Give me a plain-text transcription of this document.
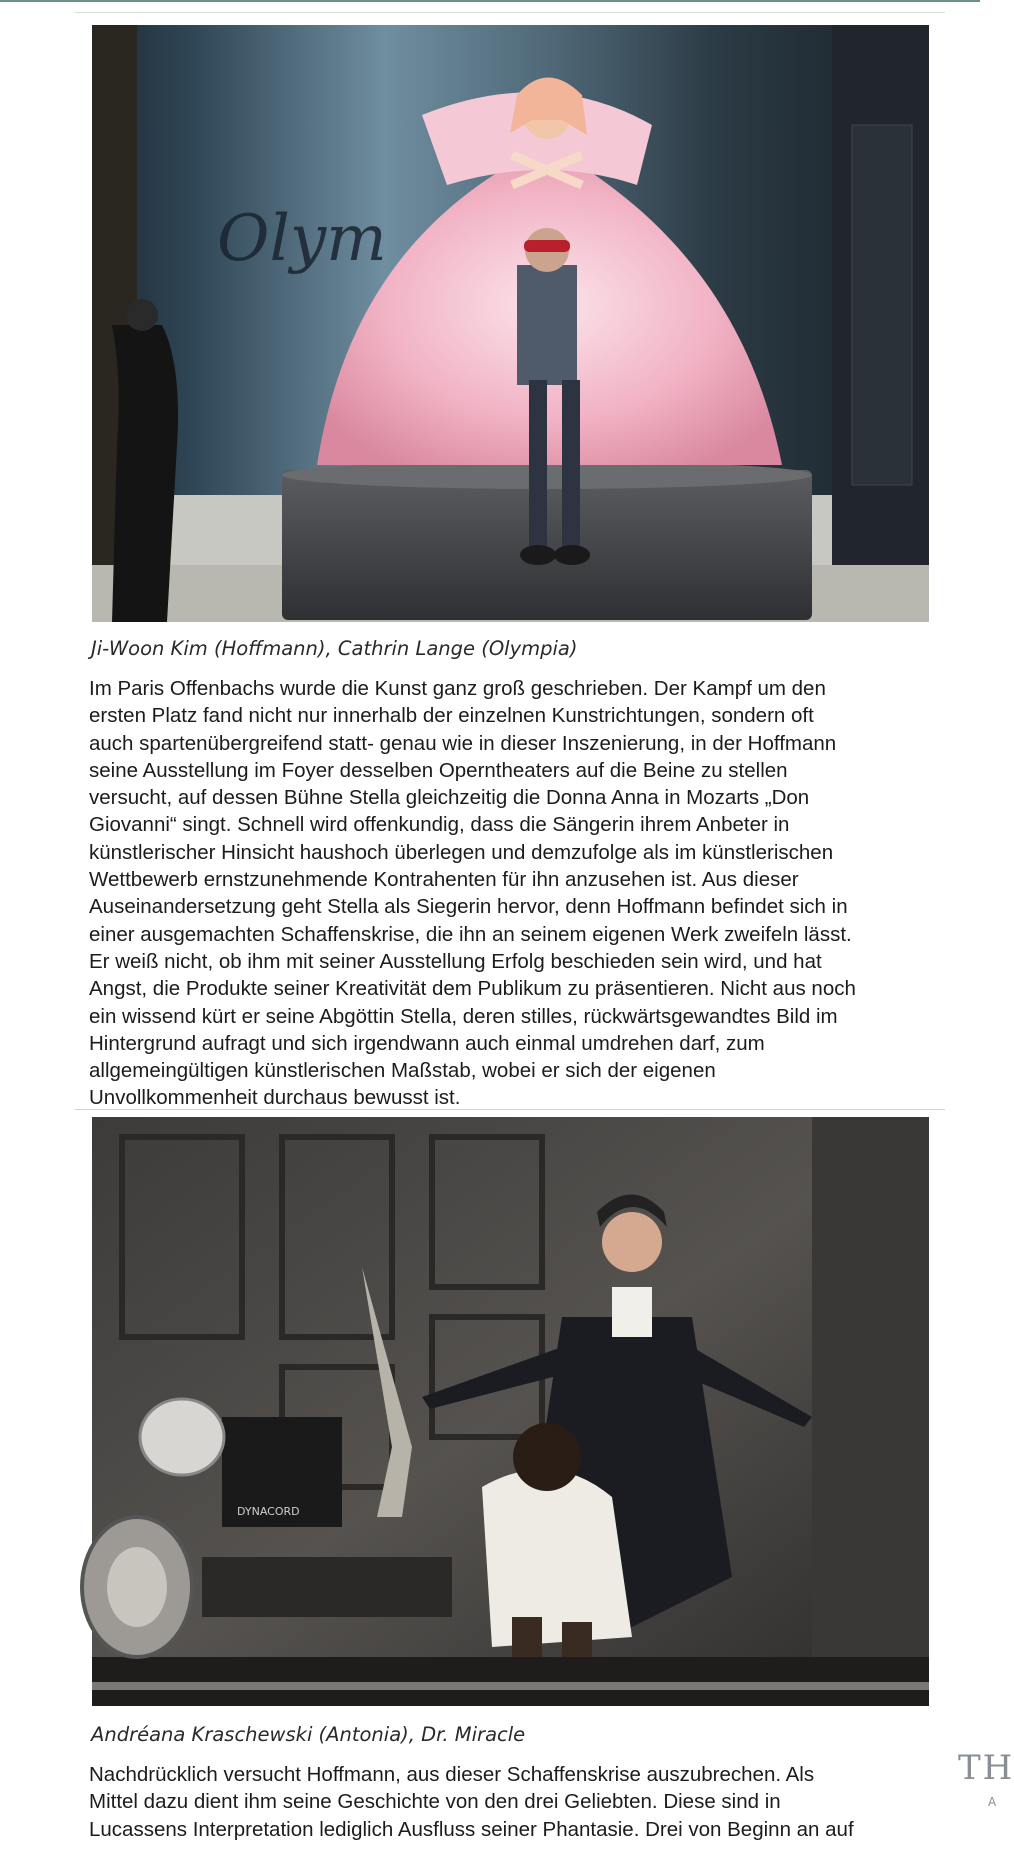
Olym
Ji-Woon Kim (Hoffmann), Cathrin Lange (Olympia)
Im Paris Offenbachs wurde die Kunst ganz groß geschrieben. Der Kampf um den
ersten Platz fand nicht nur innerhalb der einzelnen Kunstrichtungen, sondern oft
auch spartenübergreifend statt- genau wie in dieser Inszenierung, in der Hoffmann
seine Ausstellung im Foyer desselben Operntheaters auf die Beine zu stellen
versucht, auf dessen Bühne Stella gleichzeitig die Donna Anna in Mozarts „Don
Giovanni“ singt. Schnell wird offenkundig, dass die Sängerin ihrem Anbeter in
künstlerischer Hinsicht haushoch überlegen und demzufolge als im künstlerischen
Wettbewerb ernstzunehmende Kontrahenten für ihn anzusehen ist. Aus dieser
Auseinandersetzung geht Stella als Siegerin hervor, denn Hoffmann befindet sich in
einer ausgemachten Schaffenskrise, die ihn an seinem eigenen Werk zweifeln lässt.
Er weiß nicht, ob ihm mit seiner Ausstellung Erfolg beschieden sein wird, und hat
Angst, die Produkte seiner Kreativität dem Publikum zu präsentieren. Nicht aus noch
ein wissend kürt er seine Abgöttin Stella, deren stilles, rückwärtsgewandtes Bild im
Hintergrund aufragt und sich irgendwann auch einmal umdrehen darf, zum
allgemeingültigen künstlerischen Maßstab, wobei er sich der eigenen
Unvollkommenheit durchaus bewusst ist.
DYNACORD
Andréana Kraschewski (Antonia), Dr. Miracle
Nachdrücklich versucht Hoffmann, aus dieser Schaffenskrise auszubrechen. Als
Mittel dazu dient ihm seine Geschichte von den drei Geliebten. Diese sind in
Lucassens Interpretation lediglich Ausfluss seiner Phantasie. Drei von Beginn an auf
TH
A
